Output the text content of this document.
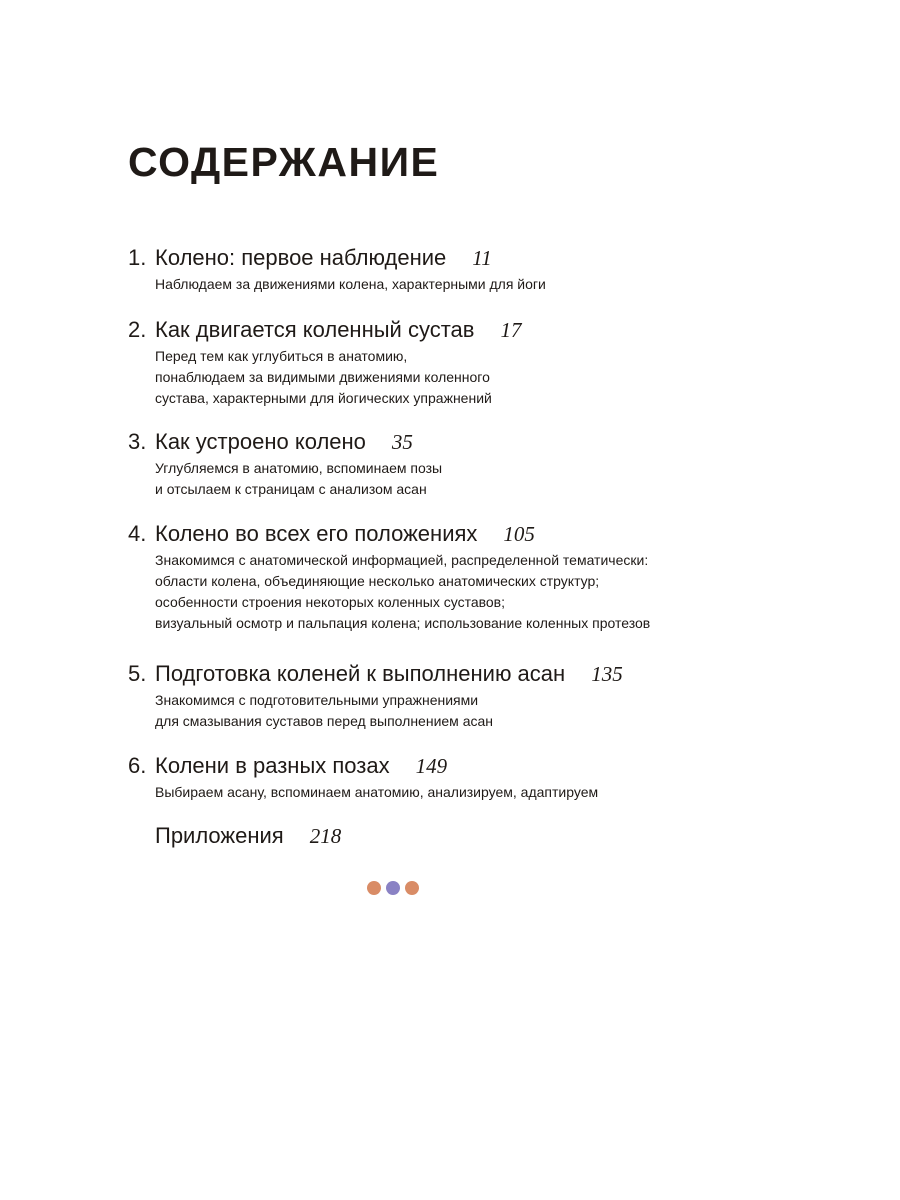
СОДЕРЖАНИЕ
1. Колено: первое наблюдение 11
Наблюдаем за движениями колена, характерными для йоги
2. Как двигается коленный сустав 17
Перед тем как углубиться в анатомию,
понаблюдаем за видимыми движениями коленного
сустава, характерными для йогических упражнений
3. Как устроено колено 35
Углубляемся в анатомию, вспоминаем позы
и отсылаем к страницам с анализом асан
4. Колено во всех его положениях 105
Знакомимся с анатомической информацией, распределенной тематически:
области колена, объединяющие несколько анатомических структур;
особенности строения некоторых коленных суставов;
визуальный осмотр и пальпация колена; использование коленных протезов
5. Подготовка коленей к выполнению асан 135
Знакомимся с подготовительными упражнениями
для смазывания суставов перед выполнением асан
6. Колени в разных позах 149
Выбираем асану, вспоминаем анатомию, анализируем, адаптируем
Приложения 218
